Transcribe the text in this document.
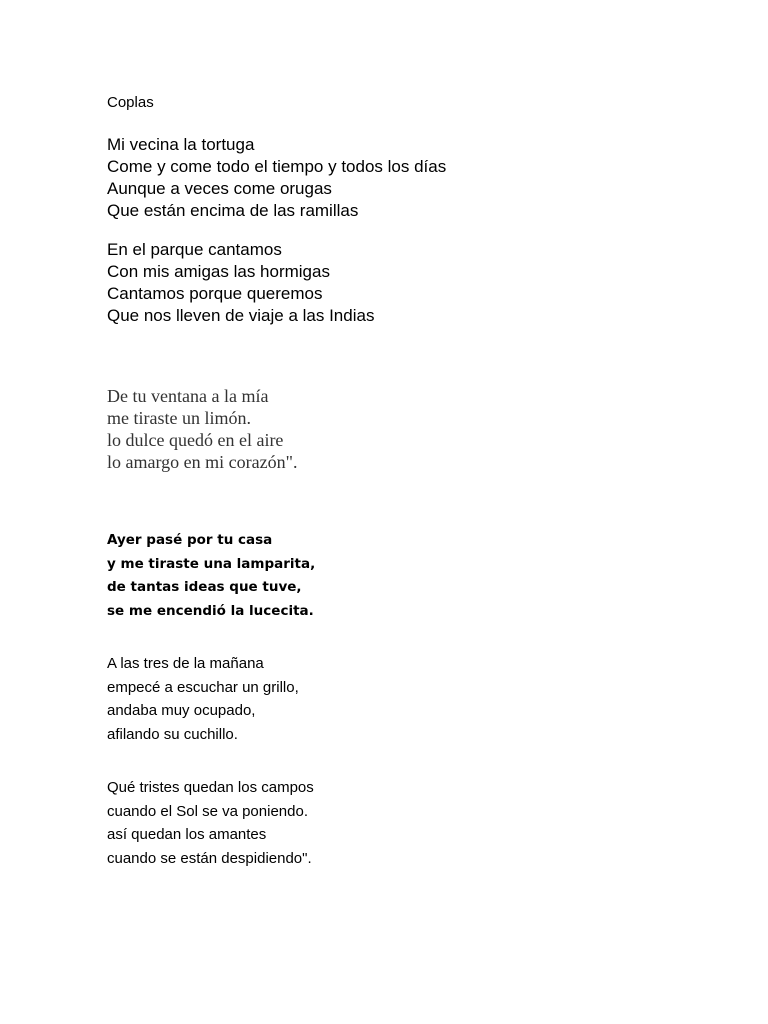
Coplas

Mi vecina la tortuga
Come y come todo el tiempo y todos los días
Aunque a veces come orugas
Que están encima de las ramillas

En el parque cantamos
Con mis amigas las hormigas
Cantamos porque queremos
Que nos lleven de viaje a las Indias

De tu ventana a la mía
me tiraste un limón.
lo dulce quedó en el aire
lo amargo en mi corazón".

Ayer pasé por tu casa
y me tiraste una lamparita,
de tantas ideas que tuve,
se me encendió la lucecita.

A las tres de la mañana
empecé a escuchar un grillo,
andaba muy ocupado,
afilando su cuchillo.

Qué tristes quedan los campos
cuando el Sol se va poniendo.
así quedan los amantes
cuando se están despidiendo".
